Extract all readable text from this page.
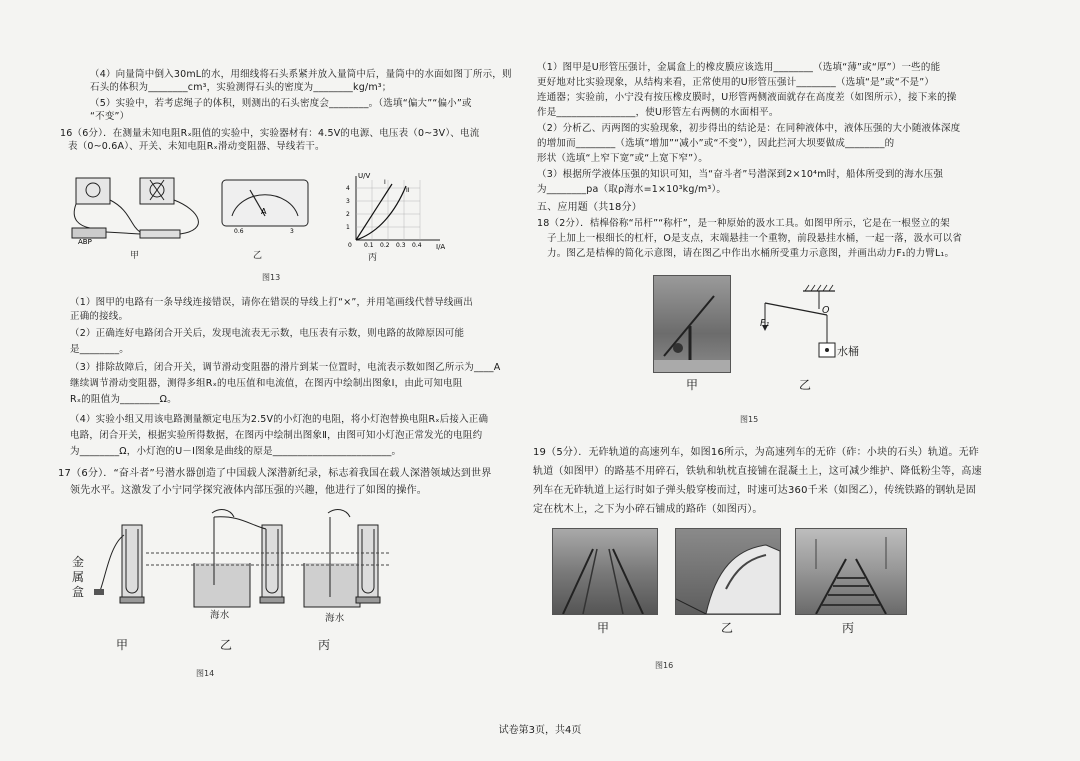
（4）向量筒中倒入30mL的水，用细线将石头系紧并放入量筒中后，量筒中的水面如图丁所示，则
石头的体积为________cm³，实验测得石头的密度为________kg/m³；
（5）实验中，若考虑绳子的体积，则测出的石头密度会________。（选填“偏大”“偏小”或
“不变”）
16（6分）．在测量未知电阻Rₓ阻值的实验中，实验器材有：4.5V的电源、电压表（0~3V）、电流
表（0~0.6A）、开关、未知电阻Rₓ滑动变阻器、导线若干。
ABP
甲
A
0.6	3
乙
U/V
I/A
4
3
2
1
0 0.1 0.2 0.3 0.4
I
II
丙
图13
（1）图甲的电路有一条导线连接错误，请你在错误的导线上打“×”，并用笔画线代替导线画出
正确的接线。
（2）正确连好电路闭合开关后，发现电流表无示数，电压表有示数，则电路的故障原因可能
是________。
（3）排除故障后，闭合开关，调节滑动变阻器的滑片到某一位置时，电流表示数如图乙所示为____A
继续调节滑动变阻器，测得多组Rₓ的电压值和电流值，在图丙中绘制出图象Ⅰ，由此可知电阻
Rₓ的阻值为________Ω。
（4）实验小组又用该电路测量额定电压为2.5V的小灯泡的电阻，将小灯泡替换电阻Rₓ后接入正确
电路，闭合开关，根据实验所得数据，在图丙中绘制出图象Ⅱ，由图可知小灯泡正常发光的电阻约
为________Ω，小灯泡的U－I图象是曲线的原是________________________。
17（6分）．“奋斗者”号潜水器创造了中国载人深潜新纪录，标志着我国在载人深潜领域达到世界
领先水平。这激发了小宁同学探究液体内部压强的兴趣，他进行了如图的操作。
金
属
盒
海水	海水
甲	乙	丙
图14
（1）图甲是U形管压强计，金属盒上的橡皮膜应该选用________（选填“薄”或“厚”）一些的能
更好地对比实验现象，从结构来看，正常使用的U形管压强计________（选填“是”或“不是”）
连通器；实验前，小宁没有按压橡皮膜时，U形管两侧液面就存在高度差（如图所示），接下来的操
作是________________，使U形管左右两侧的水面相平。
（2）分析乙、丙两图的实验现象，初步得出的结论是：在同种液体中，液体压强的大小随液体深度
的增加而________（选填“增加”“减小”或“不变”），因此拦河大坝要做成________的
形状（选填“上窄下宽”或“上宽下窄”）。
（3）根据所学液体压强的知识可知，当“奋斗者”号潜深到2×10⁴m时，船体所受到的海水压强
为________pa（取ρ海水=1×10³kg/m³）。
五、应用题（共18分）
18（2分）．桔槔俗称“吊杆”“称杆”，是一种原始的汲水工具。如图甲所示，它是在一根竖立的架
子上加上一根细长的杠杆，O是支点，末端悬挂一个重物，前段悬挂水桶，一起一落，汲水可以省
力。图乙是桔槔的简化示意图，请在图乙中作出水桶所受重力示意图，并画出动力F₁的力臂L₁。
甲
F₁
O
水桶
乙
图15
19（5分）．无砟轨道的高速列车，如图16所示，为高速列车的无砟（砟：小块的石头）轨道。无砟
轨道（如图甲）的路基不用碎石，铁轨和轨枕直接铺在混凝土上，这可减少维护、降低粉尘等，高速
列车在无砟轨道上运行时如子弹头般穿梭而过，时速可达360千米（如图乙），传统铁路的钢轨是固
定在枕木上，之下为小碎石铺成的路砟（如图丙）。
甲	乙	丙
图16
试卷第3页，共4页
